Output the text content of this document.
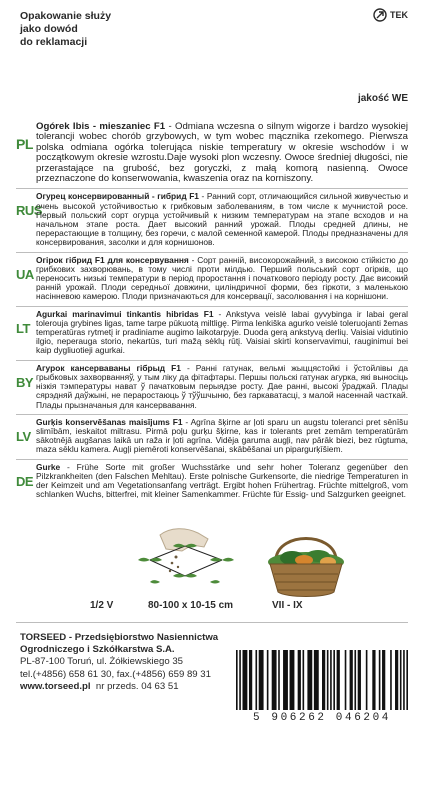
Opakowanie służy
jako dowód
do reklamacji
TEK
jakość WE
PL
Ogórek Ibis - mieszaniec F1 - Odmiana wczesna o silnym wigorze i bardzo wysokiej tolerancji wobec chorób grzybowych, w tym wobec mącznika rzekomego. Pierwsza polska odmiana ogórka tolerująca niskie temperatury w okresie wschodów i w początkowym okresie wzrostu.Daje wysoki plon wczesny. Owoce średniej długości, nie przerastające na grubość, bez goryczki, z małą komorą nasienną. Owoce przeznaczone do konserwowania, kwaszenia oraz na korniszony.
RUS
Огурец консервированный - гибрид F1 - Ранний сорт, отличающийся сильной живучестью и очень высокой устойчивостью к грибковым заболеваниям, в том числе к мучнистой росе. Первый польский сорт огурца устойчивый к низким температурам на этапе всходов и на начальном этапе роста. Дает высокий ранний урожай. Плоды средней длины, не перерастающие в толщину, без горечи, с малой семенной камерой. Плоды предназначены для консервирования, засолки и для корнишонов.
UA
Огірок гібрид F1 для консервування - Сорт ранній, високорожайний, з високою стійкістю до грибкових захворювань, в тому числі проти мілдью. Перший польський сорт огірків, що переносить низькі температури в період проростання і початкового періоду росту. Дає високий ранній урожай. Плоди середньої довжини, циліндричної форми, без гіркоти, з маленькою насінневою камерою. Плоди призначаються для консервації, засолювання і на корнішони.
LT
Agurkai marinavimui tinkantis hibridas F1 - Ankstyva veislė labai gyvybinga ir labai geral tolerouja grybines ligas, tame tarpe pūkuotą miltligę. Pirma lenkiška agurko veislė toleruojanti žemas temperatūras rytmetį ir pradiniame augimo laikotarpyje. Duoda gerą ankstyvą derlių. Vaisiai vidutinio ilgio, neperauga storio, nekartūs, turi mažą sėklų rūtį. Vaisiai skirti konservavimui, rauginimui bei kaip dygliuotieji agurkai.
BY
Агурок кансерваваны гібрыд F1 - Ранні гатунак, вельмі жыццястойкі і ўстойлівы да грыбковых захворванняў, у тым ліку да фітафтары. Першы польскі гатунак агурка, які выносіць нізкія тэмпературы нават ў пачатковым перыядзе росту. Дае ранні, высокі ўраджай. Плады сярэдняй даўжыні, не пераростаюць ў тўўшчыню, без гаркаватасці, з малой насеннай часткай. Плады прызначаныя для кансервавання.
LV
Gurķis konservēšanas maisījums F1 - Agrīna šķirne ar ļoti sparu un augstu toleranci pret sēnīšu slimībām, ieskaitot miltrasu. Pirmā poļu gurķu šķirne, kas ir tolerants pret zemām temperatūrām sākotnējā augšanas laikā un raža ir ļoti agrīna. Vidēja garuma augļi, nav pārāk biezi, bez rūgtuma, maza sēklu kamera. Augļi piemēroti konservēšanai, skābēšanai un pipargurķīšiem.
DE
Gurke - Frühe Sorte mit großer Wuchsstärke und sehr hoher Toleranz gegenüber den Pilzkrankheiten (den Falschen Mehltau). Erste polnische Gurkensorte, die niedrige Temperaturen in der Keimzeit und am Vegetationsanfang verträgt. Ergibt hohen Frühertrag. Früchte mittelgroß, vom schlanken Wuchs, bitterfrei, mit kleiner Samenkammer. Früchte für Essig- und Salzgurken geeignet.
1/2 V	80-100 x 10-15 cm	VII - IX
TORSEED - Przedsiębiorstwo Nasiennictwa
Ogrodniczego i Szkółkarstwa S.A.
PL-87-100 Toruń, ul. Żółkiewskiego 35
tel.(+4856) 658 61 30, fax.(+4856) 659 89 31
www.torseed.pl nr przeds. 04 63 51
5 906262 046204
